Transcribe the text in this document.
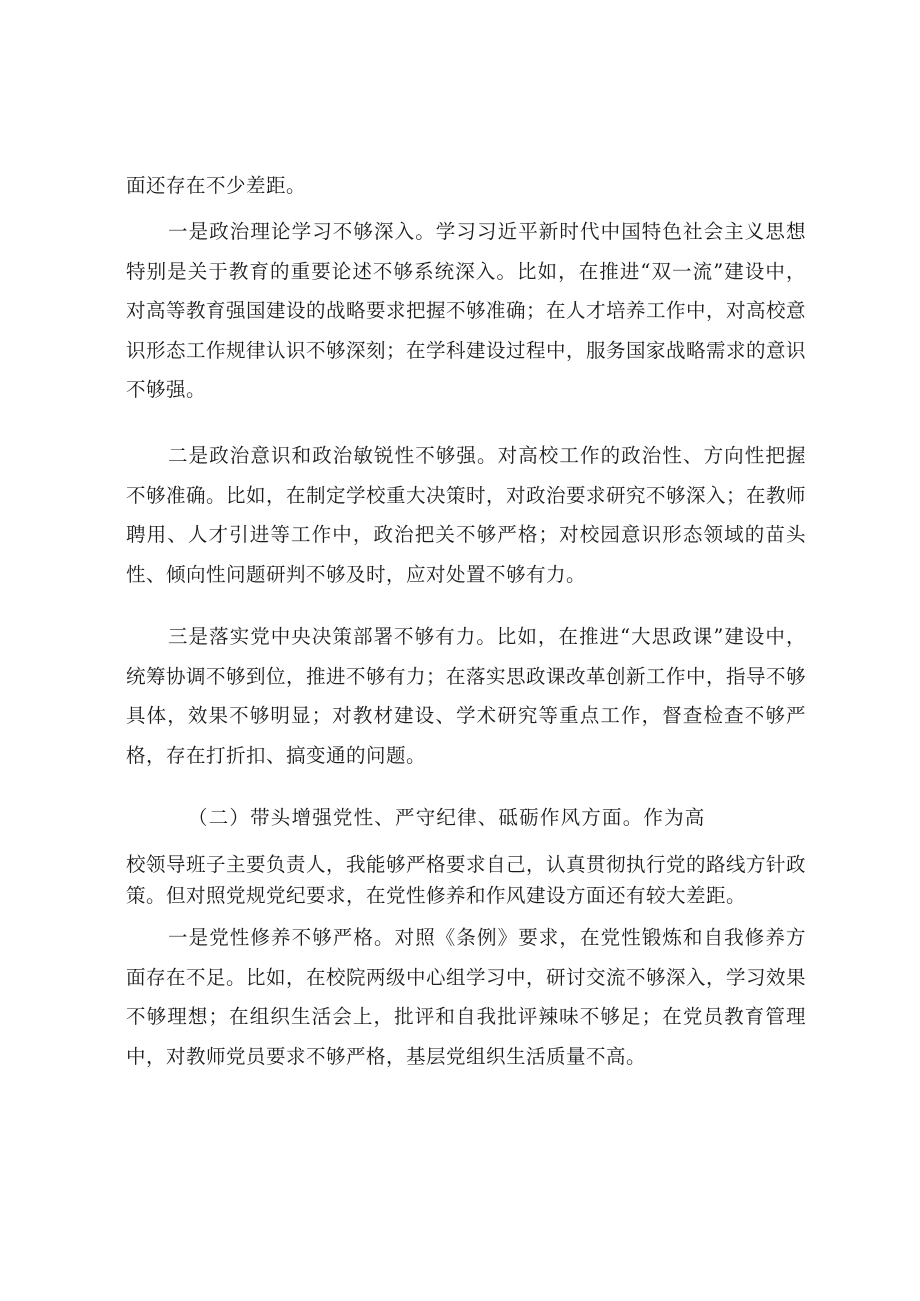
面还存在不少差距。

一是政治理论学习不够深入。学习习近平新时代中国特色社会主义思想特别是关于教育的重要论述不够系统深入。比如，在推进“双一流”建设中，对高等教育强国建设的战略要求把握不够准确；在人才培养工作中，对高校意识形态工作规律认识不够深刻；在学科建设过程中，服务国家战略需求的意识不够强。

二是政治意识和政治敏锐性不够强。对高校工作的政治性、方向性把握不够准确。比如，在制定学校重大决策时，对政治要求研究不够深入；在教师聘用、人才引进等工作中，政治把关不够严格；对校园意识形态领域的苗头性、倾向性问题研判不够及时，应对处置不够有力。

三是落实党中央决策部署不够有力。比如，在推进“大思政课”建设中，统筹协调不够到位，推进不够有力；在落实思政课改革创新工作中，指导不够具体，效果不够明显；对教材建设、学术研究等重点工作，督查检查不够严格，存在打折扣、搞变通的问题。

（二）带头增强党性、严守纪律、砥砺作风方面。作为高
校领导班子主要负责人，我能够严格要求自己，认真贯彻执行党的路线方针政策。但对照党规党纪要求，在党性修养和作风建设方面还有较大差距。

一是党性修养不够严格。对照《条例》要求，在党性锻炼和自我修养方面存在不足。比如，在校院两级中心组学习中，研讨交流不够深入，学习效果不够理想；在组织生活会上，批评和自我批评辣味不够足；在党员教育管理中，对教师党员要求不够严格，基层党组织生活质量不高。
